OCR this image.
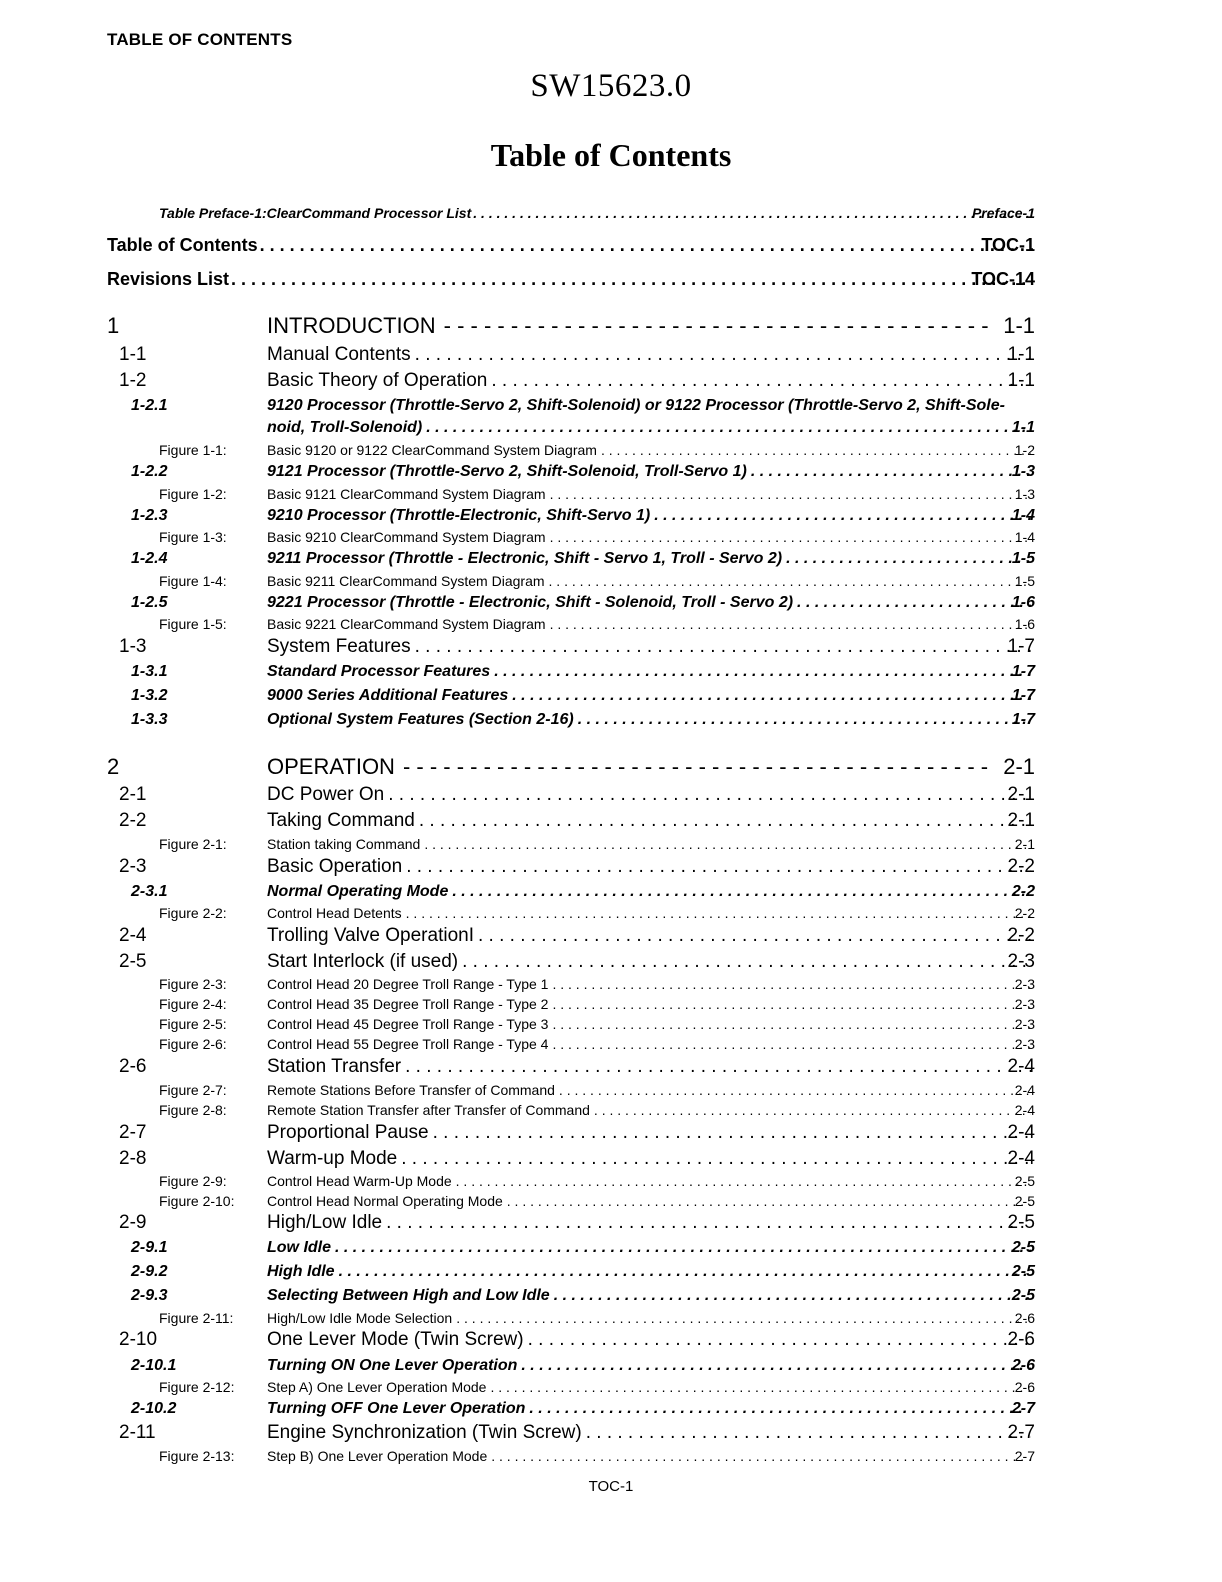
TABLE OF CONTENTS
SW15623.0
Table of Contents
Table Preface-1:ClearCommand Processor List . . .	Preface-1
Table of Contents . . .	TOC-1
Revisions List . . .	TOC-14
1	INTRODUCTION - - -	1-1
1-1	Manual Contents . . .	1-1
1-2	Basic Theory of Operation . . .	1-1
1-2.1	9120 Processor (Throttle-Servo 2, Shift-Solenoid) or 9122 Processor (Throttle-Servo 2, Shift-Sole-
noid, Troll-Solenoid) . . .	1-1
Figure 1-1:	Basic 9120 or 9122 ClearCommand System Diagram . . .	1-2
1-2.2	9121 Processor (Throttle-Servo 2, Shift-Solenoid, Troll-Servo 1) . . .	1-3
Figure 1-2:	Basic 9121 ClearCommand System Diagram . . .	1-3
1-2.3	9210 Processor (Throttle-Electronic, Shift-Servo 1) . . .	1-4
Figure 1-3:	Basic 9210 ClearCommand System Diagram . . .	1-4
1-2.4	9211 Processor (Throttle - Electronic, Shift - Servo 1, Troll - Servo 2) . . .	1-5
Figure 1-4:	Basic 9211 ClearCommand System Diagram . . .	1-5
1-2.5	9221 Processor (Throttle - Electronic, Shift - Solenoid, Troll - Servo 2) . . .	1-6
Figure 1-5:	Basic 9221 ClearCommand System Diagram . . .	1-6
1-3	System Features . . .	1-7
1-3.1	Standard Processor Features . . .	1-7
1-3.2	9000 Series Additional Features . . .	1-7
1-3.3	Optional System Features (Section 2-16) . . .	1-7
2	OPERATION - - -	2-1
2-1	DC Power On . . .	2-1
2-2	Taking Command . . .	2-1
Figure 2-1:	Station taking Command . . .	2-1
2-3	Basic Operation . . .	2-2
2-3.1	Normal Operating Mode . . .	2-2
Figure 2-2:	Control Head Detents . . .	2-2
2-4	Trolling Valve OperationI . . .	2-2
2-5	Start Interlock (if used) . . .	2-3
Figure 2-3:	Control Head 20 Degree Troll Range - Type 1 . . .	2-3
Figure 2-4:	Control Head 35 Degree Troll Range - Type 2 . . .	2-3
Figure 2-5:	Control Head 45 Degree Troll Range - Type 3 . . .	2-3
Figure 2-6:	Control Head 55 Degree Troll Range - Type 4 . . .	2-3
2-6	Station Transfer . . .	2-4
Figure 2-7:	Remote Stations Before Transfer of Command . . .	2-4
Figure 2-8:	Remote Station Transfer after Transfer of Command . . .	2-4
2-7	Proportional Pause . . .	2-4
2-8	Warm-up Mode . . .	2-4
Figure 2-9:	Control Head Warm-Up Mode . . .	2-5
Figure 2-10: Control Head Normal Operating Mode . . .	2-5
2-9	High/Low Idle . . .	2-5
2-9.1	Low Idle . . .	2-5
2-9.2	High Idle . . .	2-5
2-9.3	Selecting Between High and Low Idle . . .	2-5
Figure 2-11: High/Low Idle Mode Selection . . .	2-6
2-10	One Lever Mode (Twin Screw) . . .	2-6
2-10.1	Turning ON One Lever Operation . . .	2-6
Figure 2-12: Step A) One Lever Operation Mode . . .	2-6
2-10.2	Turning OFF One Lever Operation . . .	2-7
2-11	Engine Synchronization (Twin Screw) . . .	2-7
Figure 2-13: Step B) One Lever Operation Mode . . .	2-7
TOC-1
